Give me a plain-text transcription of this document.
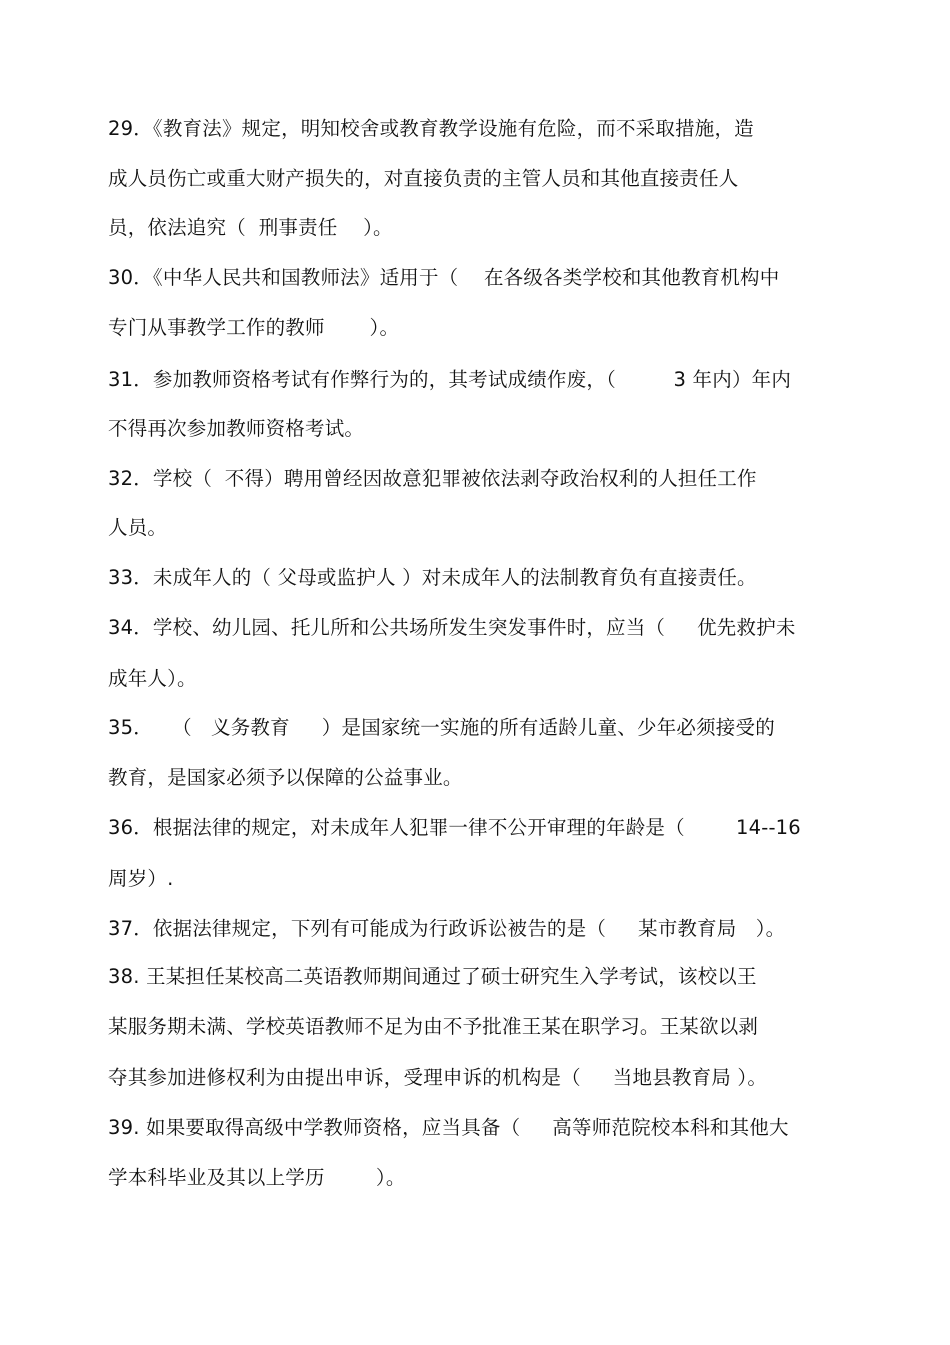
29．《教育法》规定，明知校舍或教育教学设施有危险，而不采取措施，造
成人员伤亡或重大财产损失的，对直接负责的主管人员和其他直接责任人
员，依法追究（  刑事责任    ）。
30．《中华人民共和国教师法》适用于（    在各级各类学校和其他教育机构中
专门从事教学工作的教师       ）。
31．参加教师资格考试有作弊行为的，其考试成绩作废，（         3 年内）年内
不得再次参加教师资格考试。
32．学校（  不得）聘用曾经因故意犯罪被依法剥夺政治权利的人担任工作
人员。
33．未成年人的（ 父母或监护人 ）对未成年人的法制教育负有直接责任。
34．学校、幼儿园、托儿所和公共场所发生突发事件时，应当（     优先救护未
成年人）。
35．   （   义务教育     ）是国家统一实施的所有适龄儿童、少年必须接受的
教育，是国家必须予以保障的公益事业。
36．根据法律的规定，对未成年人犯罪一律不公开审理的年龄是（        14--16
周岁）.
37．依据法律规定，下列有可能成为行政诉讼被告的是（     某市教育局   ）。
38. 王某担任某校高二英语教师期间通过了硕士研究生入学考试，该校以王
某服务期未满、学校英语教师不足为由不予批准王某在职学习。王某欲以剥
夺其参加进修权利为由提出申诉，受理申诉的机构是（     当地县教育局 ）。
39. 如果要取得高级中学教师资格，应当具备（     高等师范院校本科和其他大
学本科毕业及其以上学历        ）。
